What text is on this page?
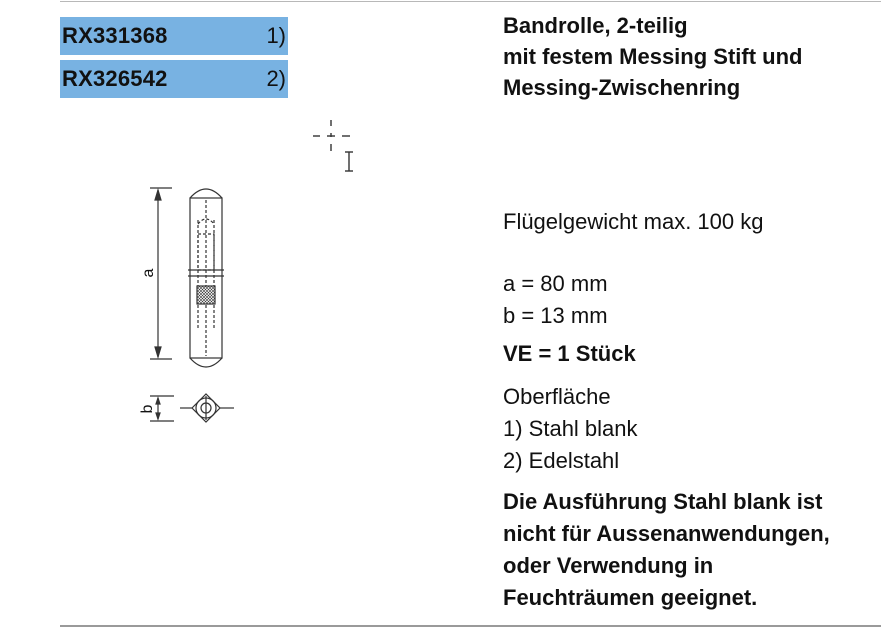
RX331368	1)
RX326542	2)
Bandrolle, 2-teilig
mit festem Messing Stift und
Messing-Zwischenring
Flügelgewicht max. 100 kg
a = 80 mm
b = 13 mm
VE = 1 Stück
Oberfläche
1) Stahl blank
2) Edelstahl
Die Ausführung Stahl blank ist
nicht für Aussenanwendungen,
oder Verwendung in
Feuchträumen geeignet.
a
b
